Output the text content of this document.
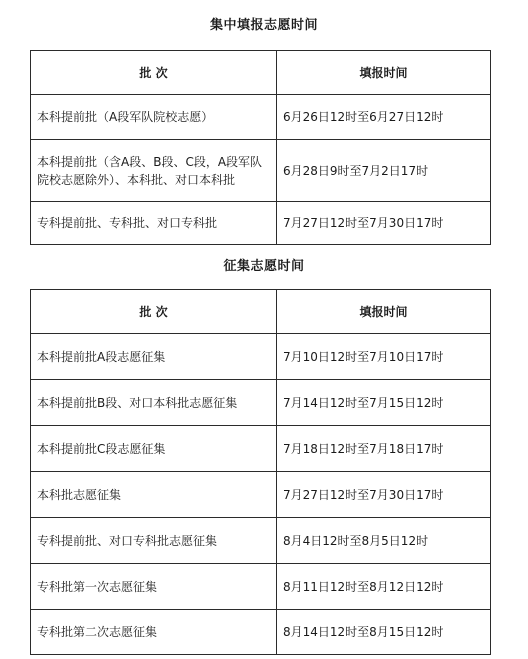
集中填报志愿时间
批 次	填报时间
本科提前批（A段军队院校志愿）	6月26日12时至6月27日12时
本科提前批（含A段、B段、C段，A段军队院校志愿除外）、本科批、对口本科批	6月28日9时至7月2日17时
专科提前批、专科批、对口专科批	7月27日12时至7月30日17时
征集志愿时间
批 次	填报时间
本科提前批A段志愿征集	7月10日12时至7月10日17时
本科提前批B段、对口本科批志愿征集	7月14日12时至7月15日12时
本科提前批C段志愿征集	7月18日12时至7月18日17时
本科批志愿征集	7月27日12时至7月30日17时
专科提前批、对口专科批志愿征集	8月4日12时至8月5日12时
专科批第一次志愿征集	8月11日12时至8月12日12时
专科批第二次志愿征集	8月14日12时至8月15日12时
